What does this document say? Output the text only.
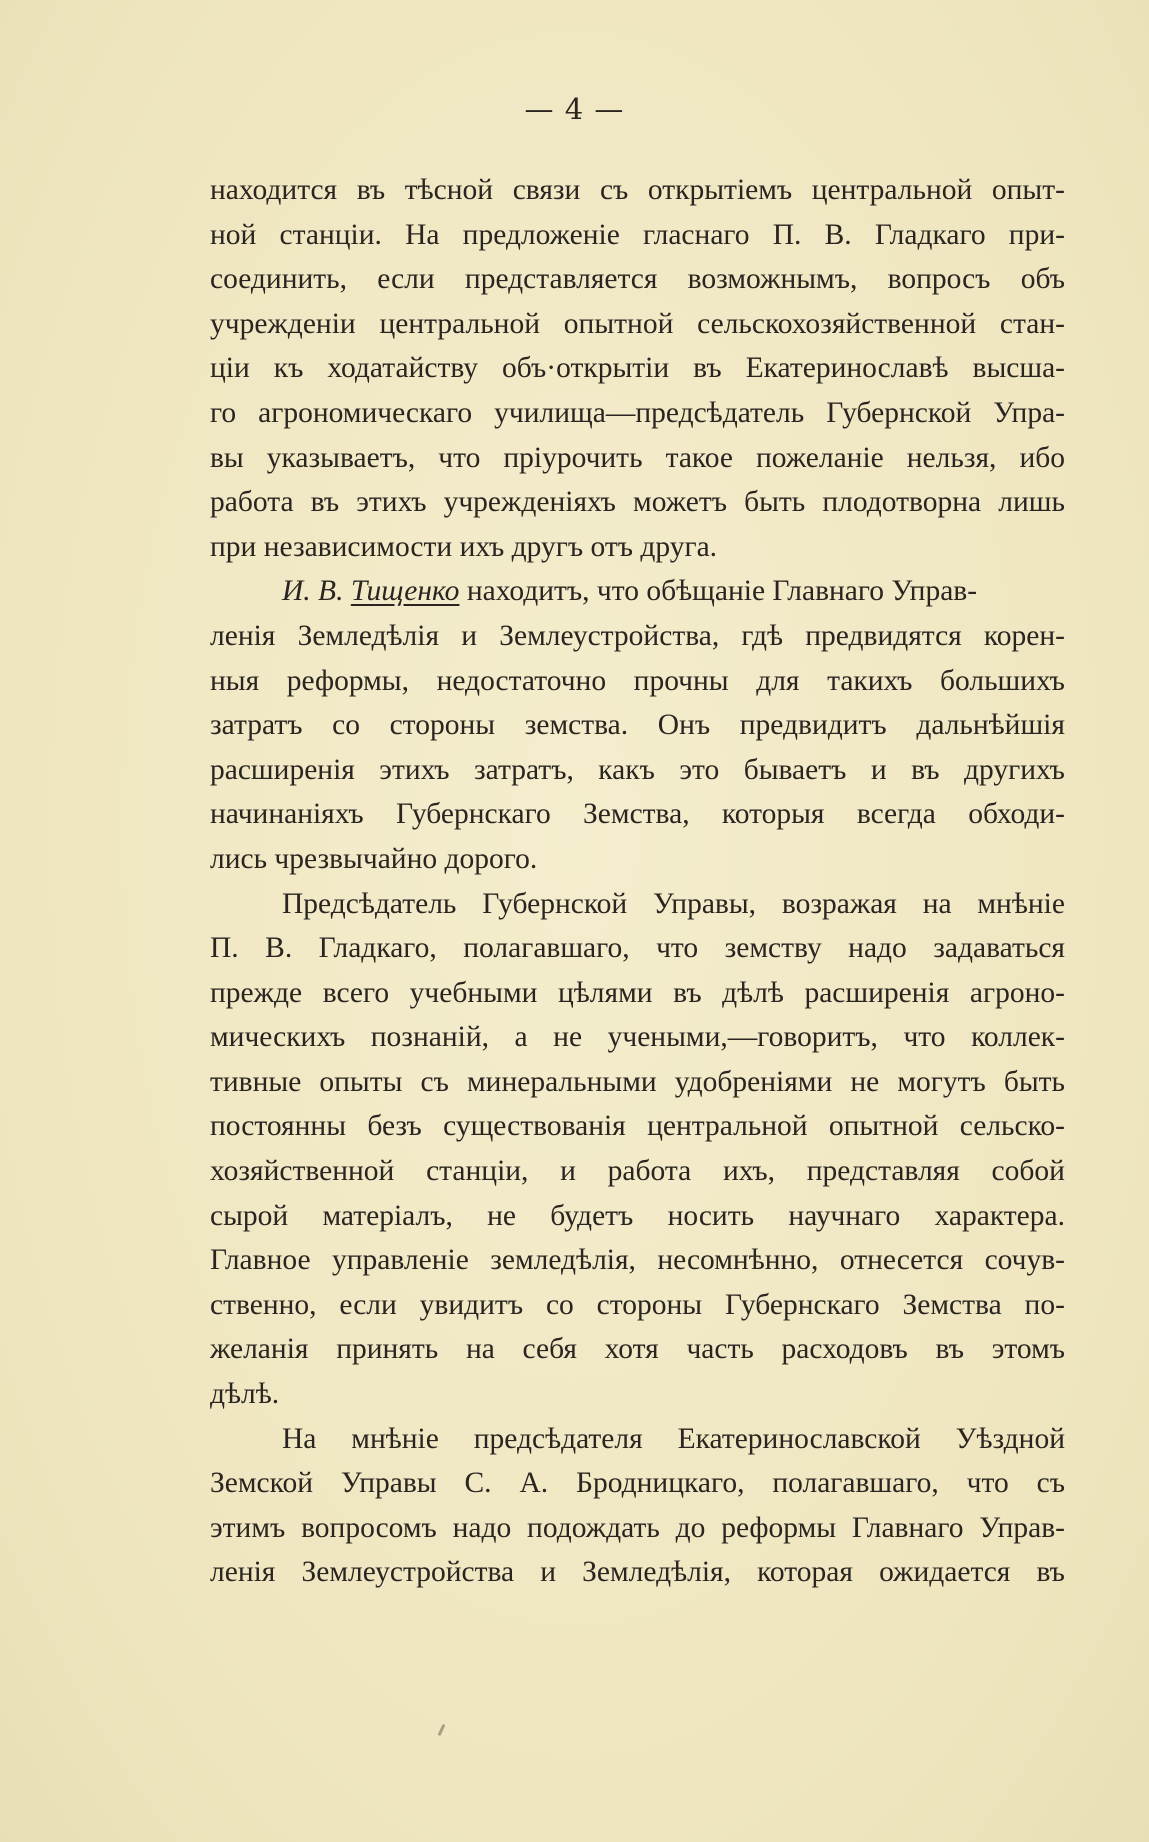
— 4 —
находится въ тѣсной связи съ открытіемъ центральной опыт-
ной станціи. На предложеніе гласнаго П. В. Гладкаго при-
соединить, если представляется возможнымъ, вопросъ объ
учрежденіи центральной опытной сельскохозяйственной стан-
ціи къ ходатайству объ·открытіи въ Екатеринославѣ высша-
го агрономическаго училища—предсѣдатель Губернской Упра-
вы указываетъ, что пріурочить такое пожеланіе нельзя, ибо
работа въ этихъ учрежденіяхъ можетъ быть плодотворна лишь
при независимости ихъ другъ отъ друга.
И. В. Тищенко находитъ, что обѣщаніе Главнаго Управ-
ленія Земледѣлія и Землеустройства, гдѣ предвидятся корен-
ныя реформы, недостаточно прочны для такихъ большихъ
затратъ со стороны земства. Онъ предвидитъ дальнѣйшія
расширенія этихъ затратъ, какъ это бываетъ и въ другихъ
начинаніяхъ Губернскаго Земства, которыя всегда обходи-
лись чрезвычайно дорого.
Предсѣдатель Губернской Управы, возражая на мнѣніе
П. В. Гладкаго, полагавшаго, что земству надо задаваться
прежде всего учебными цѣлями въ дѣлѣ расширенія агроно-
мическихъ познаній, а не учеными,—говоритъ, что коллек-
тивные опыты съ минеральными удобреніями не могутъ быть
постоянны безъ существованія центральной опытной сельско-
хозяйственной станціи, и работа ихъ, представляя собой
сырой матеріалъ, не будетъ носить научнаго характера.
Главное управленіе земледѣлія, несомнѣнно, отнесется сочув-
ственно, если увидитъ со стороны Губернскаго Земства по-
желанія принять на себя хотя часть расходовъ въ этомъ
дѣлѣ.
На мнѣніе предсѣдателя Екатеринославской Уѣздной
Земской Управы С. А. Бродницкаго, полагавшаго, что съ
этимъ вопросомъ надо подождать до реформы Главнаго Управ-
ленія Землеустройства и Земледѣлія, которая ожидается въ
